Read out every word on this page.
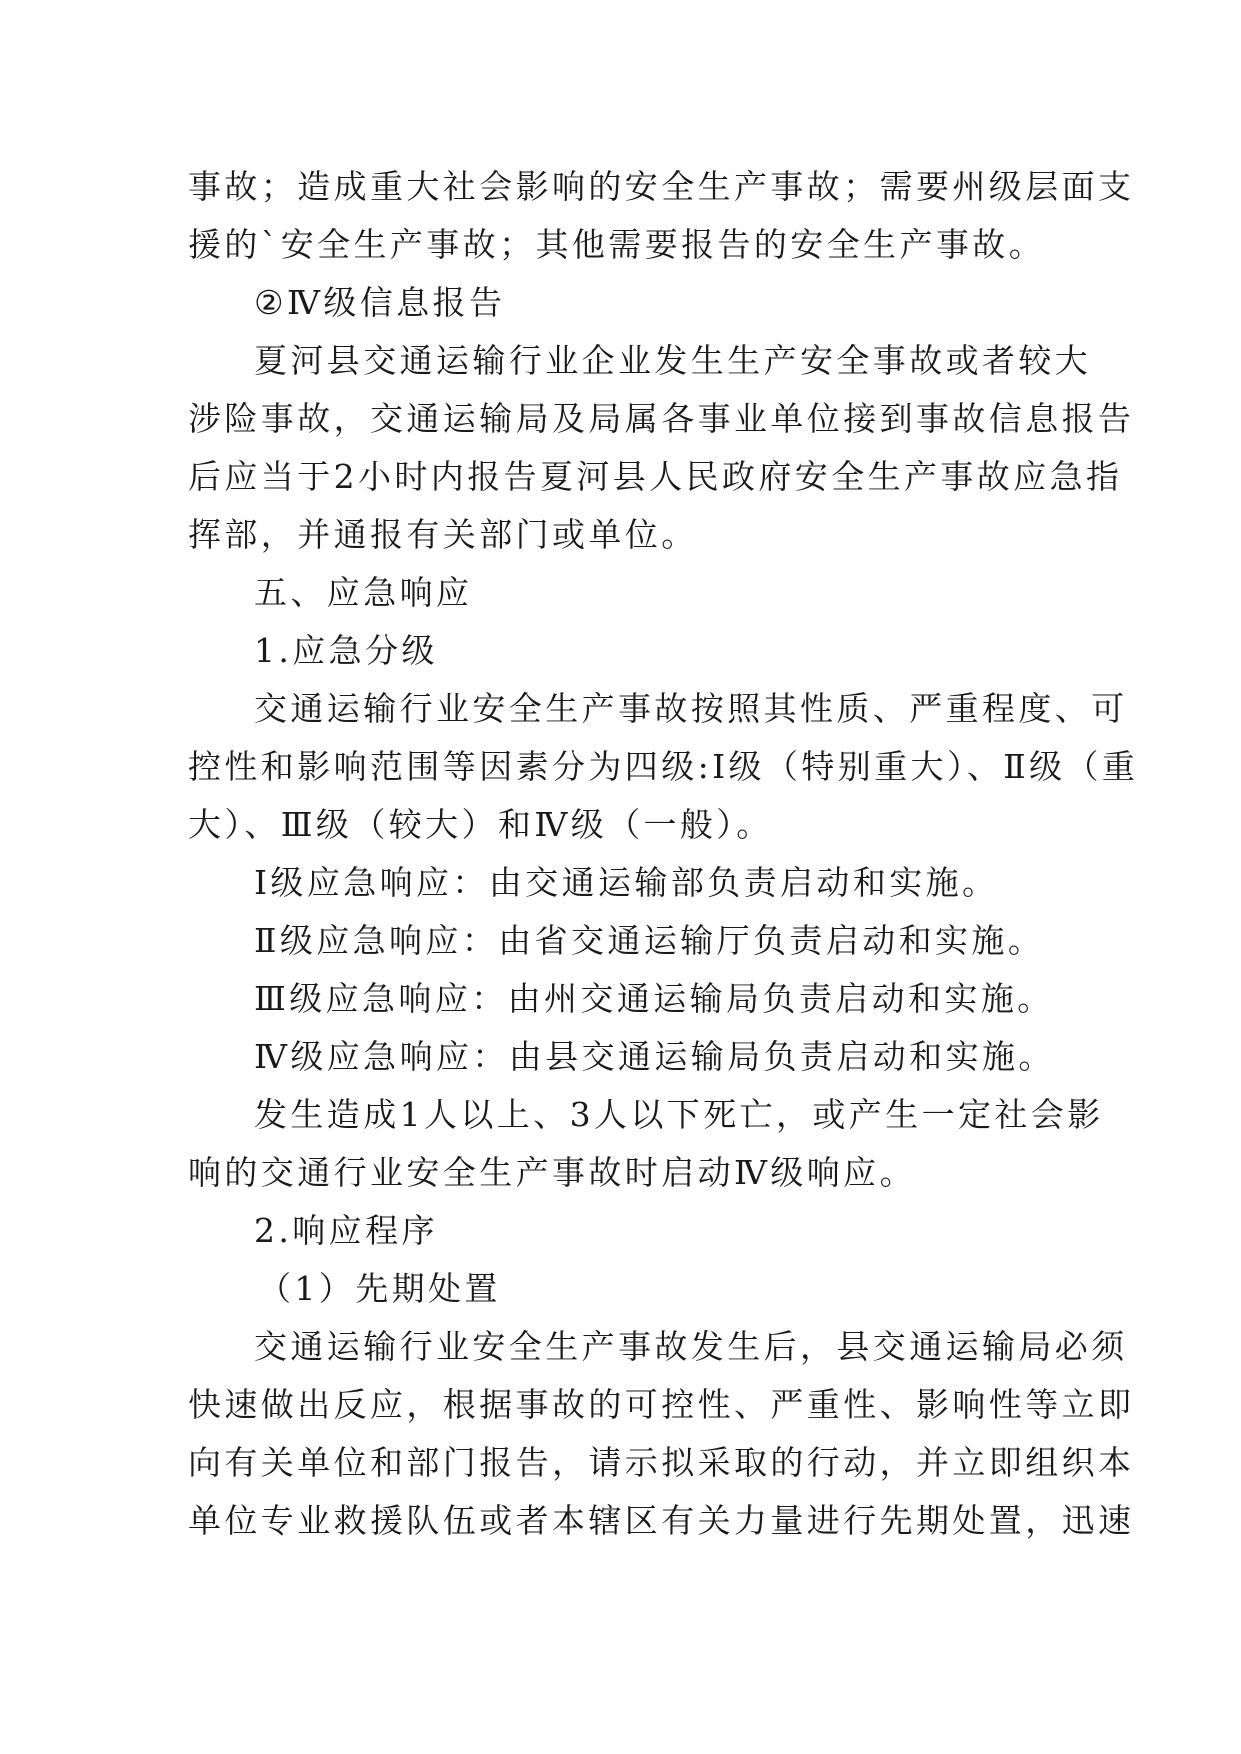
事故；造成重大社会影响的安全生产事故；需要州级层面支
援的`安全生产事故；其他需要报告的安全生产事故。
②Ⅳ级信息报告
夏河县交通运输行业企业发生生产安全事故或者较大
涉险事故，交通运输局及局属各事业单位接到事故信息报告
后应当于2小时内报告夏河县人民政府安全生产事故应急指
挥部，并通报有关部门或单位。
五、应急响应
1.应急分级
交通运输行业安全生产事故按照其性质、严重程度、可
控性和影响范围等因素分为四级:Ⅰ级（特别重大）、Ⅱ级（重
大）、Ⅲ级（较大）和Ⅳ级（一般）。
Ⅰ级应急响应：由交通运输部负责启动和实施。
Ⅱ级应急响应：由省交通运输厅负责启动和实施。
Ⅲ级应急响应：由州交通运输局负责启动和实施。
Ⅳ级应急响应：由县交通运输局负责启动和实施。
发生造成1人以上、3人以下死亡，或产生一定社会影
响的交通行业安全生产事故时启动Ⅳ级响应。
2.响应程序
（1）先期处置
交通运输行业安全生产事故发生后，县交通运输局必须
快速做出反应，根据事故的可控性、严重性、影响性等立即
向有关单位和部门报告，请示拟采取的行动，并立即组织本
单位专业救援队伍或者本辖区有关力量进行先期处置，迅速
